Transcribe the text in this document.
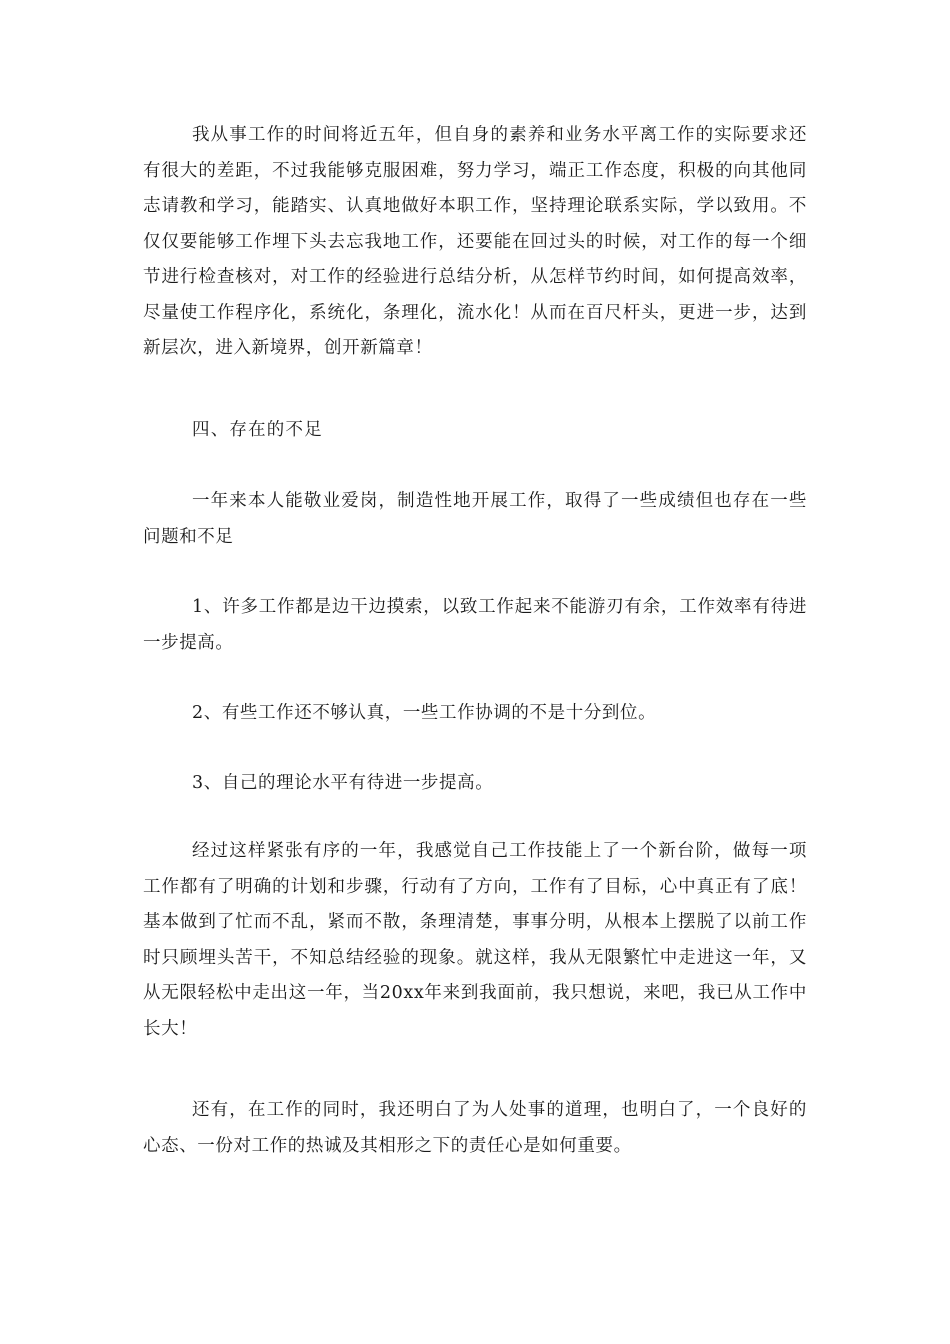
我从事工作的时间将近五年，但自身的素养和业务水平离工作的实际要求还有很大的差距，不过我能够克服困难，努力学习，端正工作态度，积极的向其他同志请教和学习，能踏实、认真地做好本职工作，坚持理论联系实际，学以致用。不仅仅要能够工作埋下头去忘我地工作，还要能在回过头的时候，对工作的每一个细节进行检查核对，对工作的经验进行总结分析，从怎样节约时间，如何提高效率，尽量使工作程序化，系统化，条理化，流水化！从而在百尺杆头，更进一步，达到新层次，进入新境界，创开新篇章！

四、存在的不足

一年来本人能敬业爱岗，制造性地开展工作，取得了一些成绩但也存在一些问题和不足

1、许多工作都是边干边摸索，以致工作起来不能游刃有余，工作效率有待进一步提高。

2、有些工作还不够认真，一些工作协调的不是十分到位。

3、自己的理论水平有待进一步提高。

经过这样紧张有序的一年，我感觉自己工作技能上了一个新台阶，做每一项工作都有了明确的计划和步骤，行动有了方向，工作有了目标，心中真正有了底！基本做到了忙而不乱，紧而不散，条理清楚，事事分明，从根本上摆脱了以前工作时只顾埋头苦干，不知总结经验的现象。就这样，我从无限繁忙中走进这一年，又从无限轻松中走出这一年，当20xx年来到我面前，我只想说，来吧，我已从工作中长大！

还有，在工作的同时，我还明白了为人处事的道理，也明白了，一个良好的心态、一份对工作的热诚及其相形之下的责任心是如何重要。
